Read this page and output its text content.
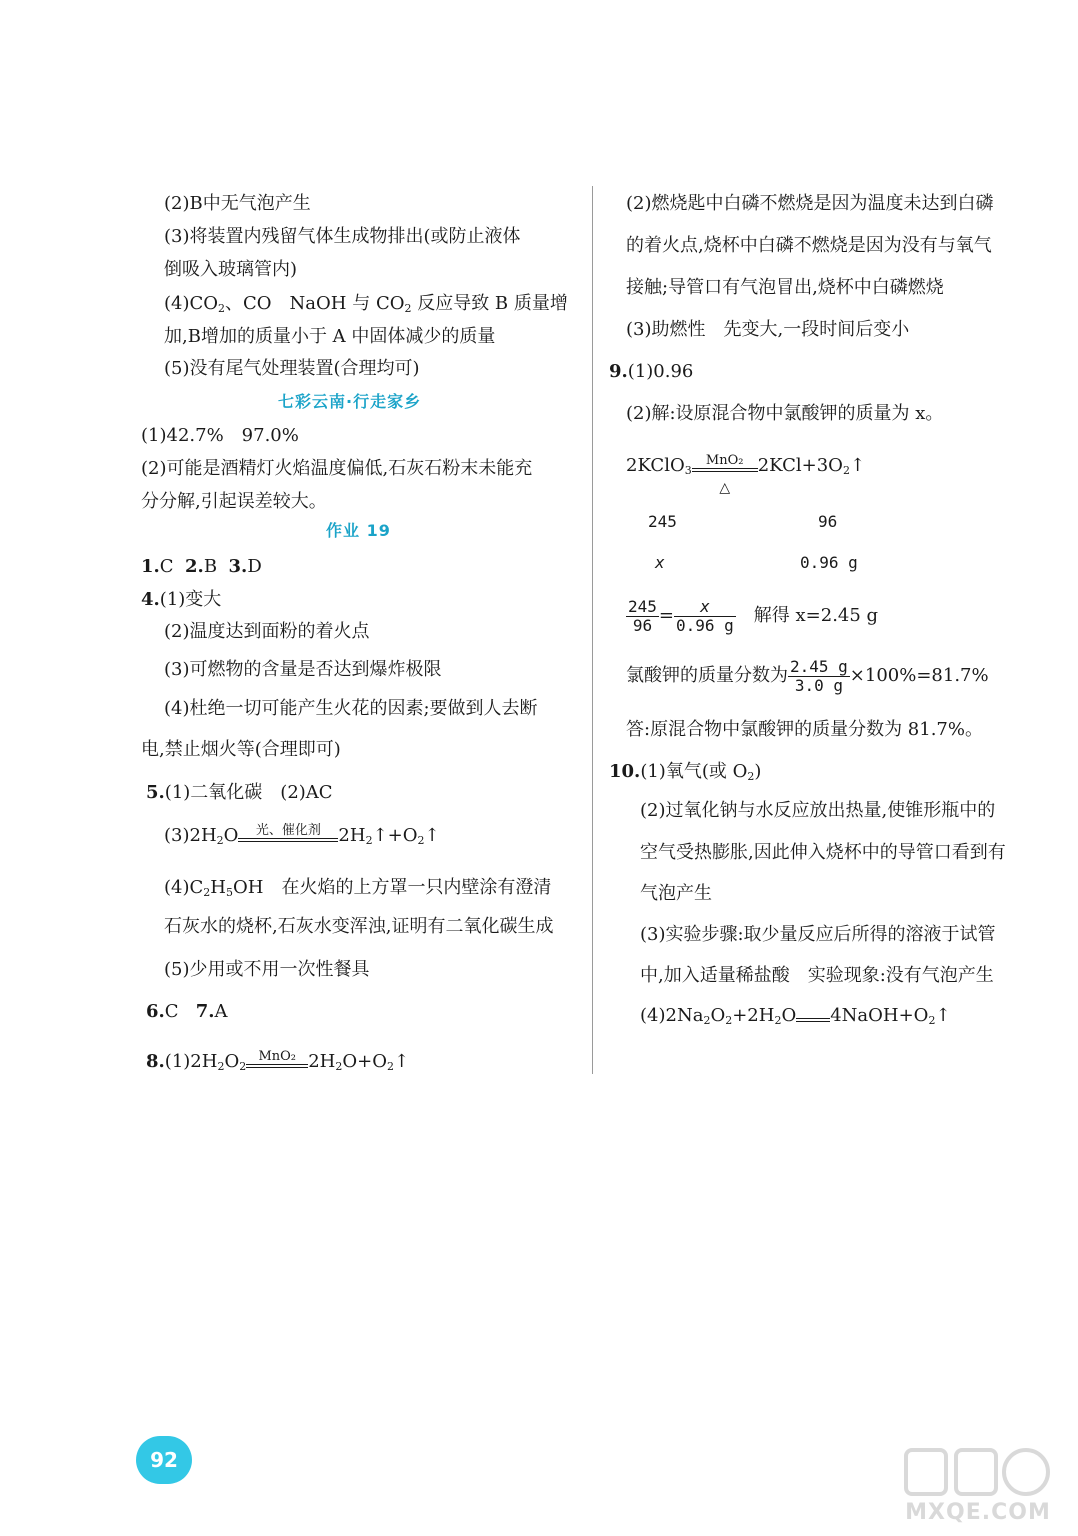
(2)B中无气泡产生
(3)将装置内残留气体生成物排出(或防止液体
倒吸入玻璃管内)
$(4)CO_2$、CO　NaOH 与 $CO_2$ 反应导致 B 质量增
加,B增加的质量小于 A 中固体减少的质量
(5)没有尾气处理装置(合理均可)
七彩云南·行走家乡
(1)42.7%　97.0%
(2)可能是酒精灯火焰温度偏低,石灰石粉末未能充
分分解,引起误差较大。
作业 19
1.C 2.B 3.D
4.(1)变大
(2)温度达到面粉的着火点
(3)可燃物的含量是否达到爆炸极限
(4)杜绝一切可能产生火花的因素;要做到人去断
电,禁止烟火等(合理即可)
5.(1)二氧化碳　(2)AC
$(3)2H_2O$	光、催化剂 $2H_2↑+O_2↑$
$(4)C_2H_5OH$　在火焰的上方罩一只内壁涂有澄清
石灰水的烧杯,石灰水变浑浊,证明有二氧化碳生成
(5)少用或不用一次性餐具
6.C 7.A
$8.(1)2H_2O_2$
MnO₂ $2H_2O+O_2↑$
(2)燃烧匙中白磷不燃烧是因为温度未达到白磷
的着火点,烧杯中白磷不燃烧是因为没有与氧气
接触;导管口有气泡冒出,烧杯中白磷燃烧
(3)助燃性　先变大,一段时间后变小
9.(1)0.96
(2)解:设原混合物中氯酸钾的质量为 x。
2KClO$_3$
MnO₂
△
$2KCl+3O_2↑$
245	96
x	0.96 g
$\frac{245}{96} = \frac{x}{0.96 g}$ 　解得 x=2.45 g
氯酸钾的质量分数为 $\frac{2.45 g}{3.0 g} \times 100\%=81.7\%$
答:原混合物中氯酸钾的质量分数为 81.7%。
10.(1)氧气(或 $O_2$)
(2)过氧化钠与水反应放出热量,使锥形瓶中的
空气受热膨胀,因此伸入烧杯中的导管口看到有
气泡产生
(3)实验步骤:取少量反应后所得的溶液于试管
中,加入适量稀盐酸　实验现象:没有气泡产生
$(4)2Na_2O_2+2H_2O$ $4NaOH+O_2↑$
92
MXQE.COM
